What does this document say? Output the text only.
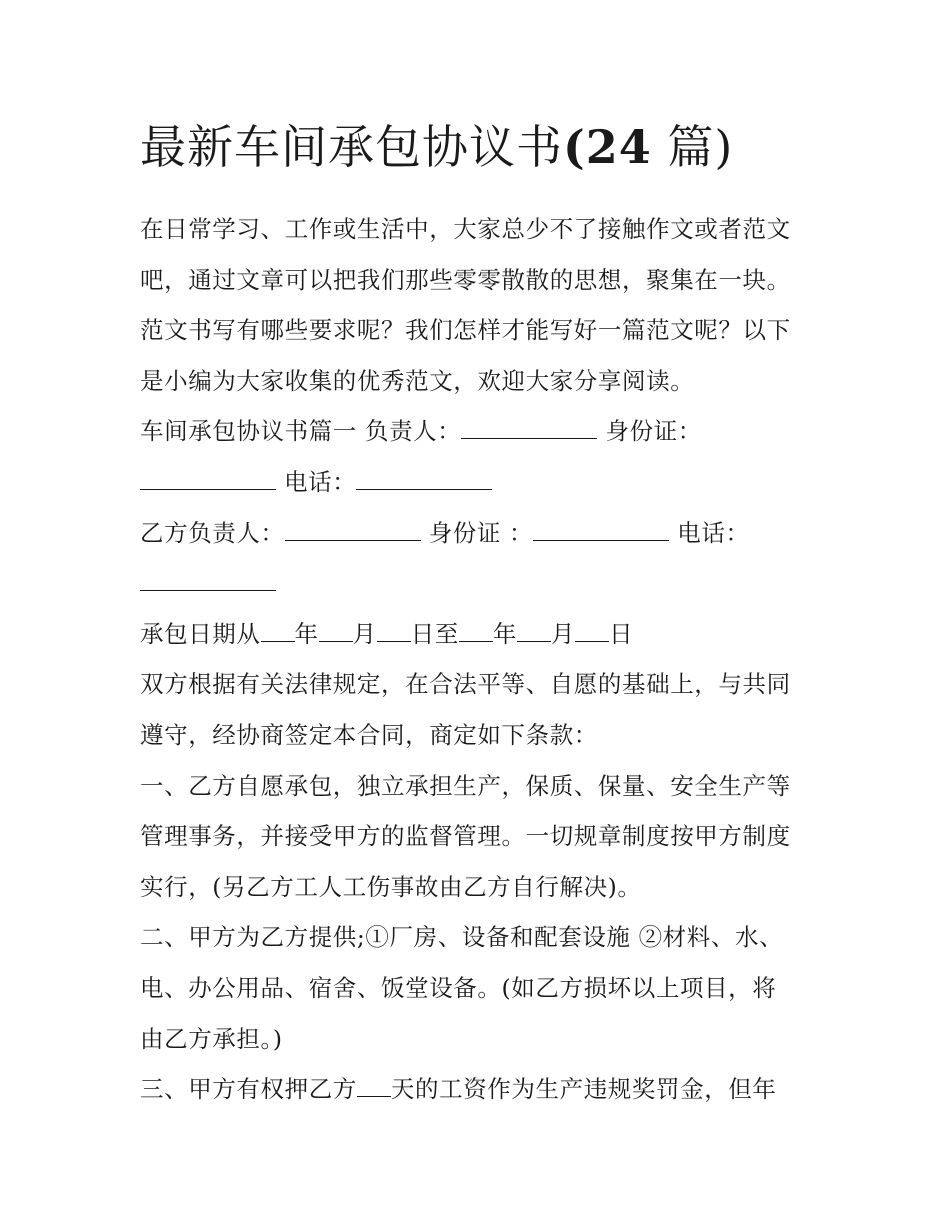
最新车间承包协议书(24 篇)

在日常学习、工作或生活中，大家总少不了接触作文或者范文
吧，通过文章可以把我们那些零零散散的思想，聚集在一块。
范文书写有哪些要求呢？我们怎样才能写好一篇范文呢？以下
是小编为大家收集的优秀范文，欢迎大家分享阅读。

车间承包协议书篇一 负责人：	身份证：
电话：

乙方负责人：	身份证 ：	电话：

承包日期从 年 月 日至 年 月 日

双方根据有关法律规定，在合法平等、自愿的基础上，与共同
遵守，经协商签定本合同，商定如下条款：
一、乙方自愿承包，独立承担生产，保质、保量、安全生产等
管理事务，并接受甲方的监督管理。一切规章制度按甲方制度
实行，(另乙方工人工伤事故由乙方自行解决)。
二、甲方为乙方提供;①厂房、设备和配套设施 ②材料、水、
电、办公用品、宿舍、饭堂设备。(如乙方损坏以上项目，将
由乙方承担。)
三、甲方有权押乙方 天的工资作为生产违规奖罚金，但年
